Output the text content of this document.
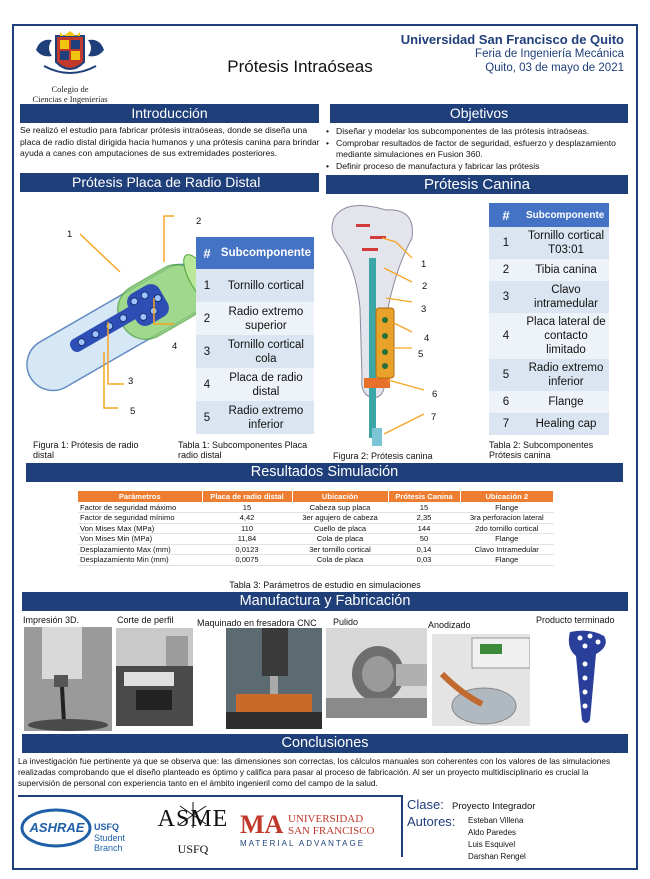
Colegio de
Ciencias e Ingenierías
Prótesis Intraóseas
Universidad San Francisco de Quito
Feria de Ingeniería Mecánica
Quito, 03 de mayo de 2021
Introducción
Se realizó el estudio para fabricar prótesis intraóseas, donde se diseña una placa de radio distal dirigida hacia humanos y una prótesis canina para brindar ayuda a canes con amputaciones de sus extremidades posteriores.
Objetivos
• Diseñar y modelar los subcomponentes de las prótesis intraóseas.
• Comprobar resultados de factor de seguridad, esfuerzo y desplazamiento mediante simulaciones en Fusion 360.
• Definir proceso de manufactura y fabricar las prótesis
Prótesis Placa de Radio Distal
1
2
3
4
5
Figura 1: Prótesis de radio distal
#	Subcomponente
1	Tornillo cortical
2	Radio extremo superior
3	Tornillo cortical cola
4	Placa de radio distal
5	Radio extremo inferior
Tabla 1: Subcomponentes Placa radio distal
Prótesis Canina
1
2
3
4
5
6
7
Figura 2: Prótesis canina
#	Subcomponente
1	Tornillo cortical T03:01
2	Tibia canina
3	Clavo intramedular
4	Placa lateral de contacto limitado
5	Radio extremo inferior
6	Flange
7	Healing cap
Tabla 2: Subcomponentes Prótesis canina
Resultados Simulación
Parámetros	Placa de radio distal	Ubicación	Prótesis Canina	Ubicación 2
Factor de seguridad máximo	15	Cabeza sup placa	15	Flange
Factor de seguridad mínimo	4,42	3er agujero de cabeza	2,35	3ra perforacion lateral
Von Mises Max (MPa)	110	Cuello de placa	144	2do tornillo cortical
Von Mises Min (MPa)	11,84	Cola de placa	50	Flange
Desplazamiento Max (mm)	0,0123	3er tornillo cortical	0,14	Clavo Intramedular
Desplazamiento Min (mm)	0,0075	Cola de placa	0,03	Flange
Tabla 3: Parámetros de estudio en simulaciones
Manufactura y Fabricación
Impresión 3D.	Corte de perfil	Maquinado en fresadora CNC Pulido	Anodizado	Producto terminado
Conclusiones
La investigación fue pertinente ya que se observa que: las dimensiones son correctas, los cálculos manuales son coherentes con los valores de las simulaciones realizadas comprobando que el diseño planteado es óptimo y califica para pasar al proceso de fabricación. Al ser un proyecto multidisciplinario es crucial la supervisión de personal con experiencia tanto en el ámbito ingenieril como del campo de la salud.
ASHRAE	USFQ
Student Branch
ASME
USFQ
MA UNIVERSIDAD
SAN FRANCISCO
MATERIAL ADVANTAGE
Clase: Proyecto Integrador
Autores: Esteban Villena
Aldo Paredes
Luis Esquivel
Darshan Rengel
